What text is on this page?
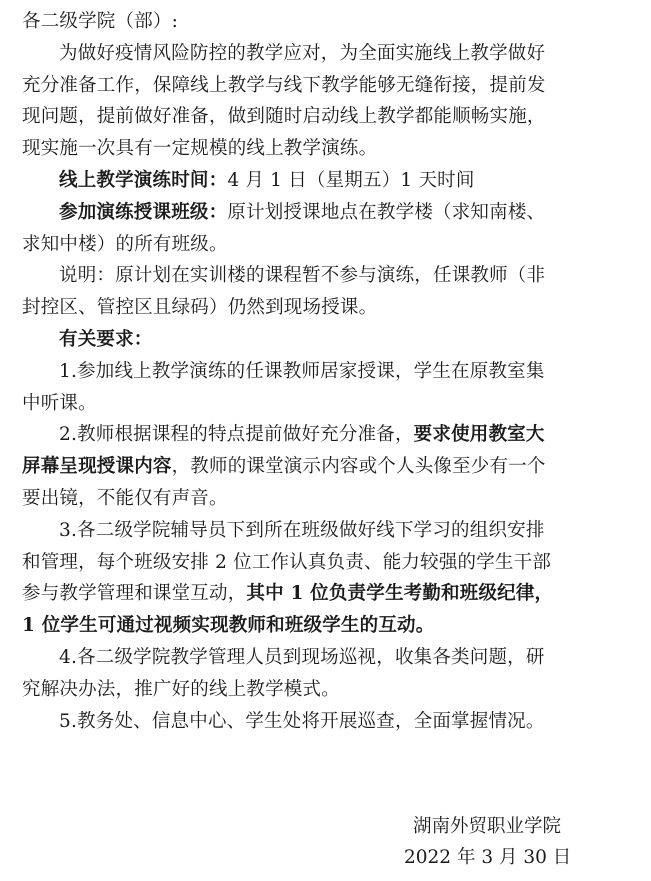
各二级学院（部）:
为做好疫情风险防控的教学应对，为全面实施线上教学做好
充分准备工作，保障线上教学与线下教学能够无缝衔接，提前发
现问题，提前做好准备，做到随时启动线上教学都能顺畅实施，
现实施一次具有一定规模的线上教学演练。
线上教学演练时间：4 月 1 日（星期五）1 天时间
参加演练授课班级：原计划授课地点在教学楼（求知南楼、
求知中楼）的所有班级。
说明：原计划在实训楼的课程暂不参与演练，任课教师（非
封控区、管控区且绿码）仍然到现场授课。
有关要求：
1.参加线上教学演练的任课教师居家授课，学生在原教室集
中听课。
2.教师根据课程的特点提前做好充分准备，要求使用教室大
屏幕呈现授课内容，教师的课堂演示内容或个人头像至少有一个
要出镜，不能仅有声音。
3.各二级学院辅导员下到所在班级做好线下学习的组织安排
和管理，每个班级安排 2 位工作认真负责、能力较强的学生干部
参与教学管理和课堂互动，其中 1 位负责学生考勤和班级纪律，
1 位学生可通过视频实现教师和班级学生的互动。
4.各二级学院教学管理人员到现场巡视，收集各类问题，研
究解决办法，推广好的线上教学模式。
5.教务处、信息中心、学生处将开展巡查，全面掌握情况。
湖南外贸职业学院
2022 年 3 月 30 日
